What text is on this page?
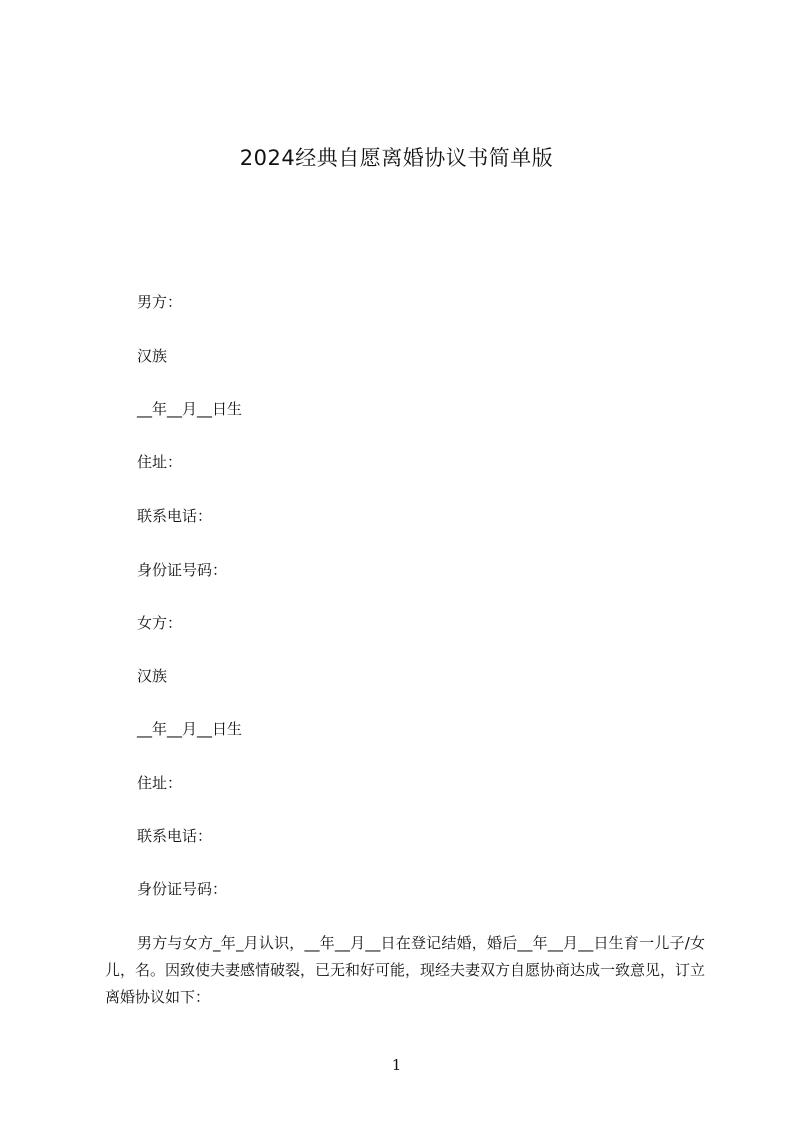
2024经典自愿离婚协议书简单版
男方：
汉族
__年__月__日生
住址：
联系电话：
身份证号码：
女方：
汉族
__年__月__日生
住址：
联系电话：
身份证号码：
男方与女方_年_月认识，__年__月__日在登记结婚，婚后__年__月__日生育一儿子/女儿，名。因致使夫妻感情破裂，已无和好可能，现经夫妻双方自愿协商达成一致意见，订立离婚协议如下：
1
